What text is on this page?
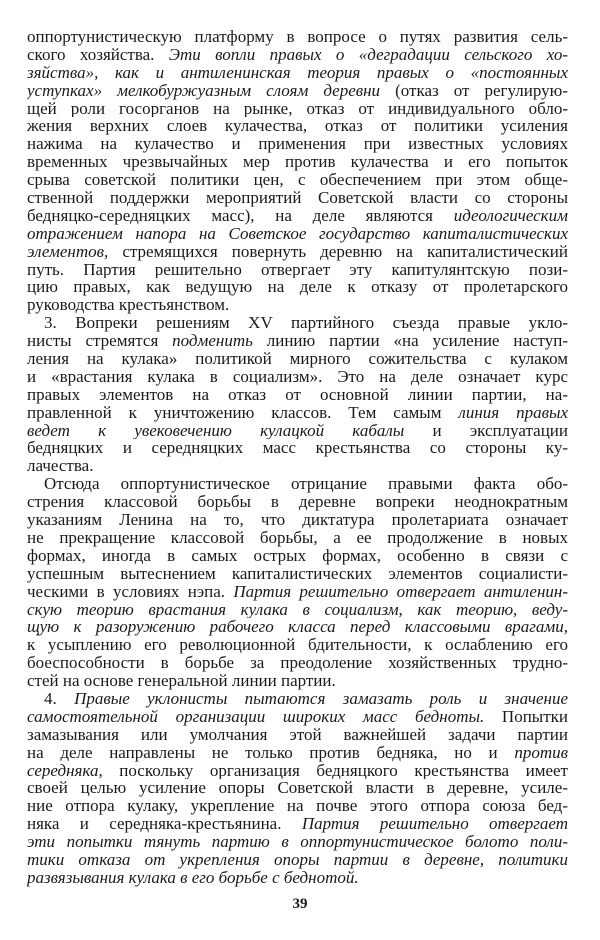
оппортунистическую платформу в вопросе о путях развития сель-
ского хозяйства. Эти вопли правых о «деградации сельского хо-
зяйства», как и антиленинская теория правых о «постоянных
уступках» мелкобуржуазным слоям деревни (отказ от регулирую-
щей роли госорганов на рынке, отказ от индивидуального обло-
жения верхних слоев кулачества, отказ от политики усиления
нажима на кулачество и применения при известных условиях
временных чрезвычайных мер против кулачества и его попыток
срыва советской политики цен, с обеспечением при этом обще-
ственной поддержки мероприятий Советской власти со стороны
бедняцко-середняцких масс), на деле являются идеологическим
отражением напора на Советское государство капиталистических
элементов, стремящихся повернуть деревню на капиталистический
путь. Партия решительно отвергает эту капитулянтскую пози-
цию правых, как ведущую на деле к отказу от пролетарского
руководства крестьянством.
3. Вопреки решениям XV партийного съезда правые укло-
нисты стремятся подменить линию партии «на усиление наступ-
ления на кулака» политикой мирного сожительства с кулаком
и «врастания кулака в социализм». Это на деле означает курс
правых элементов на отказ от основной линии партии, на-
правленной к уничтожению классов. Тем самым линия правых
ведет к увековечению кулацкой кабалы и эксплуатации
бедняцких и середняцких масс крестьянства со стороны ку-
лачества.
Отсюда оппортунистическое отрицание правыми факта обо-
стрения классовой борьбы в деревне вопреки неоднократным
указаниям Ленина на то, что диктатура пролетариата означает
не прекращение классовой борьбы, а ее продолжение в новых
формах, иногда в самых острых формах, особенно в связи с
успешным вытеснением капиталистических элементов социалисти-
ческими в условиях нэпа. Партия решительно отвергает антиленин-
скую теорию врастания кулака в социализм, как теорию, веду-
щую к разоружению рабочего класса перед классовыми врагами,
к усыплению его революционной бдительности, к ослаблению его
боеспособности в борьбе за преодоление хозяйственных трудно-
стей на основе генеральной линии партии.
4. Правые уклонисты пытаются замазать роль и значение
самостоятельной организации широких масс бедноты. Попытки
замазывания или умолчания этой важнейшей задачи партии
на деле направлены не только против бедняка, но и против
середняка, поскольку организация бедняцкого крестьянства имеет
своей целью усиление опоры Советской власти в деревне, усиле-
ние отпора кулаку, укрепление на почве этого отпора союза бед-
няка и середняка-крестьянина. Партия решительно отвергает
эти попытки тянуть партию в оппортунистическое болото поли-
тики отказа от укрепления опоры партии в деревне, политики
развязывания кулака в его борьбе с беднотой.
39
